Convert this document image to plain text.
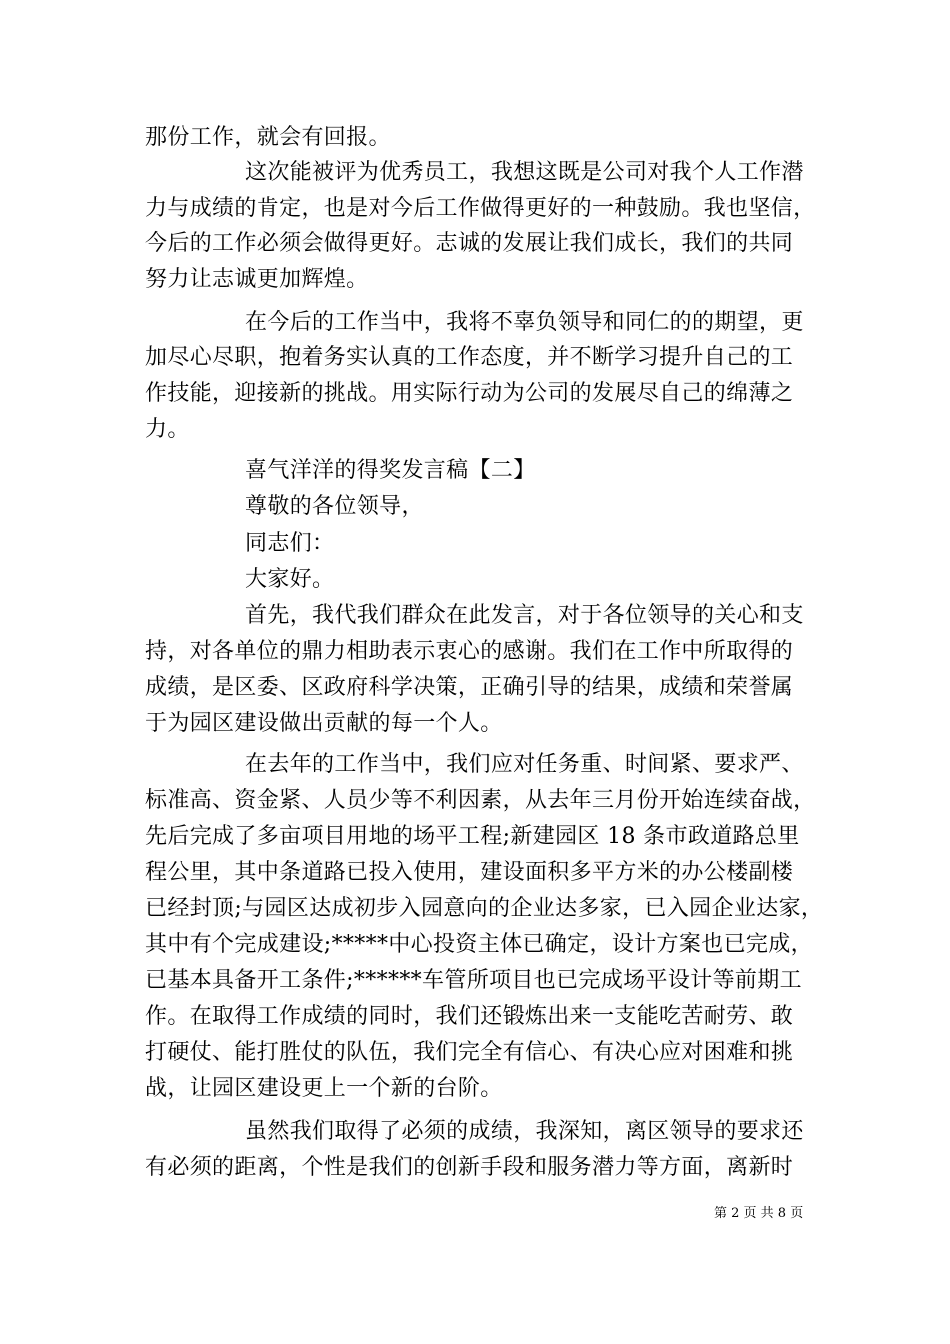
那份工作，就会有回报。
这次能被评为优秀员工，我想这既是公司对我个人工作潜
力与成绩的肯定，也是对今后工作做得更好的一种鼓励。我也坚信，
今后的工作必须会做得更好。志诚的发展让我们成长，我们的共同
努力让志诚更加辉煌。
在今后的工作当中，我将不辜负领导和同仁的的期望，更
加尽心尽职，抱着务实认真的工作态度，并不断学习提升自己的工
作技能，迎接新的挑战。用实际行动为公司的发展尽自己的绵薄之
力。
喜气洋洋的得奖发言稿【二】
尊敬的各位领导，
同志们：
大家好。
首先，我代我们群众在此发言，对于各位领导的关心和支
持，对各单位的鼎力相助表示衷心的感谢。我们在工作中所取得的
成绩，是区委、区政府科学决策，正确引导的结果，成绩和荣誉属
于为园区建设做出贡献的每一个人。
在去年的工作当中，我们应对任务重、时间紧、要求严、
标准高、资金紧、人员少等不利因素，从去年三月份开始连续奋战，
先后完成了多亩项目用地的场平工程;新建园区 18 条市政道路总里
程公里，其中条道路已投入使用，建设面积多平方米的办公楼副楼
已经封顶;与园区达成初步入园意向的企业达多家，已入园企业达家，
其中有个完成建设;*****中心投资主体已确定，设计方案也已完成，
已基本具备开工条件;******车管所项目也已完成场平设计等前期工
作。在取得工作成绩的同时，我们还锻炼出来一支能吃苦耐劳、敢
打硬仗、能打胜仗的队伍，我们完全有信心、有决心应对困难和挑
战，让园区建设更上一个新的台阶。
虽然我们取得了必须的成绩，我深知，离区领导的要求还
有必须的距离，个性是我们的创新手段和服务潜力等方面，离新时
第 2 页 共 8 页
